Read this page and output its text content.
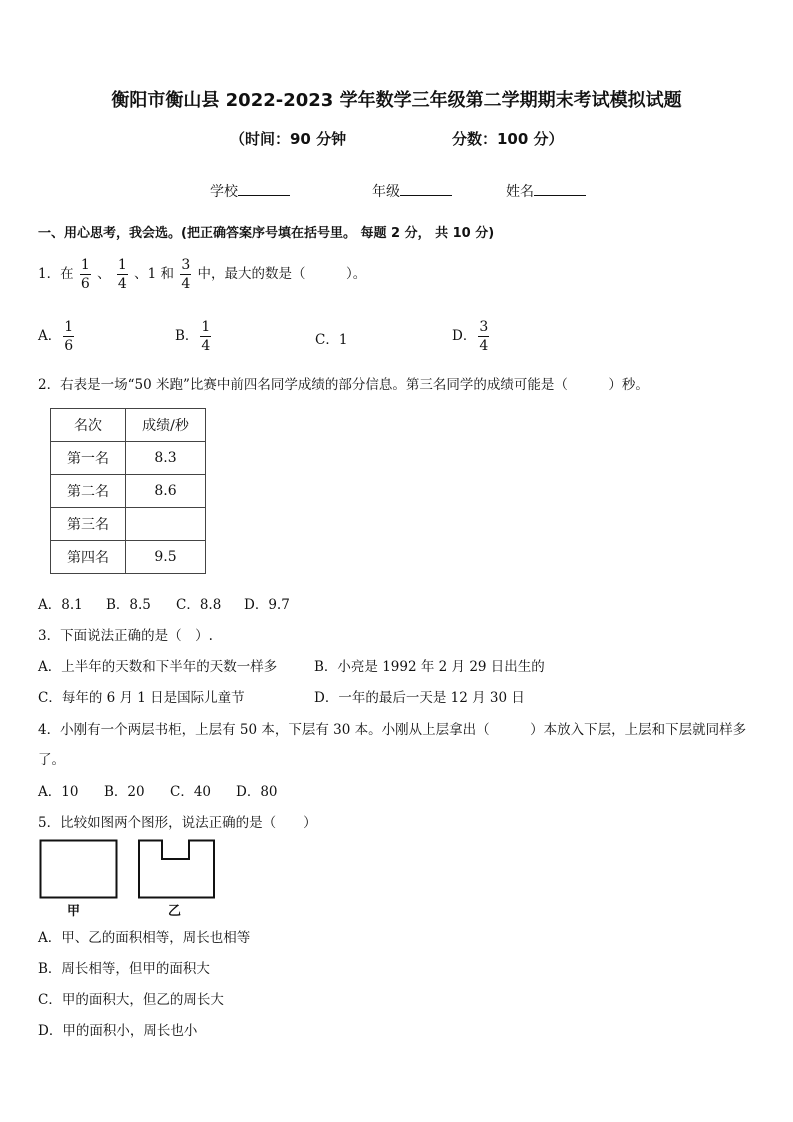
衡阳市衡山县 2022-2023 学年数学三年级第二学期期末考试模拟试题
（时间：90 分钟	分数：100 分）
学校	年级	姓名
一、用心思考，我会选。(把正确答案序号填在括号里。 每题 2 分， 共 10 分)
1．在 $\frac{1}{6}$ 、 $\frac{1}{4}$ 、1 和 $\frac{3}{4}$ 中，最大的数是（　　　）。
A． $\frac{1}{6}$	B． $\frac{1}{4}$	C．1	D． $\frac{3}{4}$
2．右表是一场“50 米跑”比赛中前四名同学成绩的部分信息。第三名同学的成绩可能是（　　　）秒。
名次	成绩/秒
第一名	8.3
第二名	8.6
第三名	
第四名	9.5
A．8.1 B．8.5 C．8.8 D．9.7
3．下面说法正确的是（　）.
A．上半年的天数和下半年的天数一样多	B．小亮是 1992 年 2 月 29 日出生的
C．每年的 6 月 1 日是国际儿童节	D．一年的最后一天是 12 月 30 日
4．小刚有一个两层书柜，上层有 50 本，下层有 30 本。小刚从上层拿出（　　　）本放入下层，上层和下层就同样多
了。
A．10 B．20 C．40 D．80
5．比较如图两个图形，说法正确的是（　　）
甲	乙
A．甲、乙的面积相等，周长也相等
B．周长相等，但甲的面积大
C．甲的面积大，但乙的周长大
D．甲的面积小，周长也小
